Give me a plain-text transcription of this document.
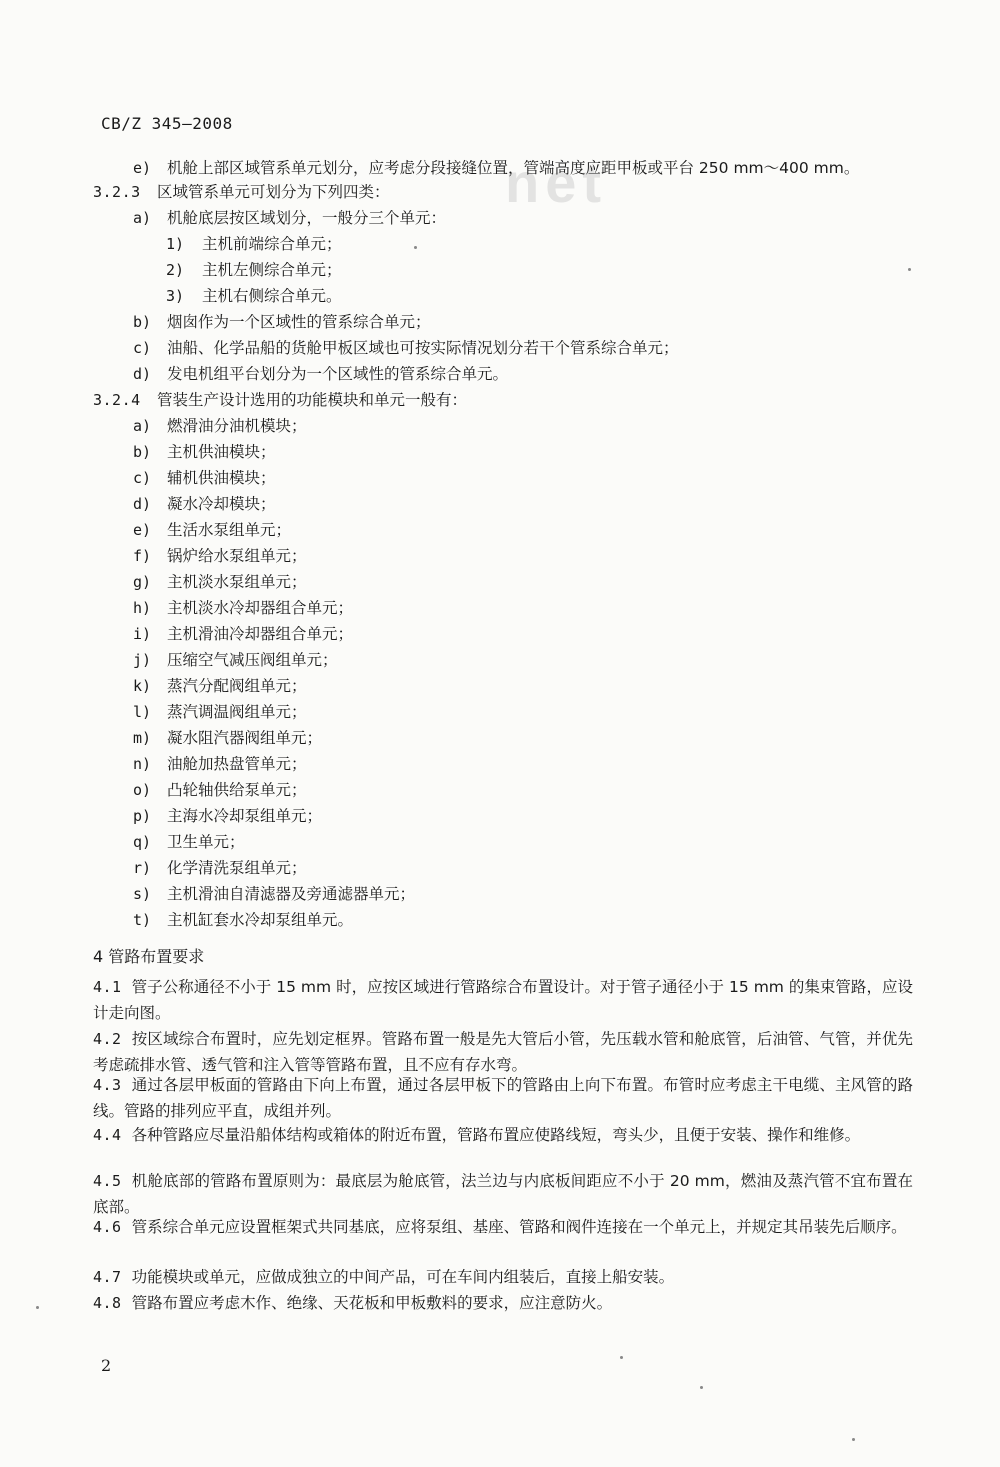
net
CB/Z 345—2008
e) 机舱上部区域管系单元划分，应考虑分段接缝位置，管端高度应距甲板或平台 250 mm～400 mm。
3.2.3 区域管系单元可划分为下列四类：
a) 机舱底层按区域划分，一般分三个单元：
1) 主机前端综合单元；
2) 主机左侧综合单元；
3) 主机右侧综合单元。
b) 烟囱作为一个区域性的管系综合单元；
c) 油船、化学品船的货舱甲板区域也可按实际情况划分若干个管系综合单元；
d) 发电机组平台划分为一个区域性的管系综合单元。
3.2.4 管装生产设计选用的功能模块和单元一般有：
a) 燃滑油分油机模块；
b) 主机供油模块；
c) 辅机供油模块；
d) 凝水冷却模块；
e) 生活水泵组单元；
f) 锅炉给水泵组单元；
g) 主机淡水泵组单元；
h) 主机淡水冷却器组合单元；
i) 主机滑油冷却器组合单元；
j) 压缩空气减压阀组单元；
k) 蒸汽分配阀组单元；
l) 蒸汽调温阀组单元；
m) 凝水阻汽器阀组单元；
n) 油舱加热盘管单元；
o) 凸轮轴供给泵单元；
p) 主海水冷却泵组单元；
q) 卫生单元；
r) 化学清洗泵组单元；
s) 主机滑油自清滤器及旁通滤器单元；
t) 主机缸套水冷却泵组单元。
4 管路布置要求
4.1 管子公称通径不小于 15 mm 时，应按区域进行管路综合布置设计。对于管子通径小于 15 mm 的集束管路，应设计走向图。
4.2 按区域综合布置时，应先划定框界。管路布置一般是先大管后小管，先压载水管和舱底管，后油管、气管，并优先考虑疏排水管、透气管和注入管等管路布置，且不应有存水弯。
4.3 通过各层甲板面的管路由下向上布置，通过各层甲板下的管路由上向下布置。布管时应考虑主干电缆、主风管的路线。管路的排列应平直，成组并列。
4.4 各种管路应尽量沿船体结构或箱体的附近布置，管路布置应使路线短，弯头少，且便于安装、操作和维修。
4.5 机舱底部的管路布置原则为：最底层为舱底管，法兰边与内底板间距应不小于 20 mm，燃油及蒸汽管不宜布置在底部。
4.6 管系综合单元应设置框架式共同基底，应将泵组、基座、管路和阀件连接在一个单元上，并规定其吊装先后顺序。
4.7 功能模块或单元，应做成独立的中间产品，可在车间内组装后，直接上船安装。
4.8 管路布置应考虑木作、绝缘、天花板和甲板敷料的要求，应注意防火。
2
